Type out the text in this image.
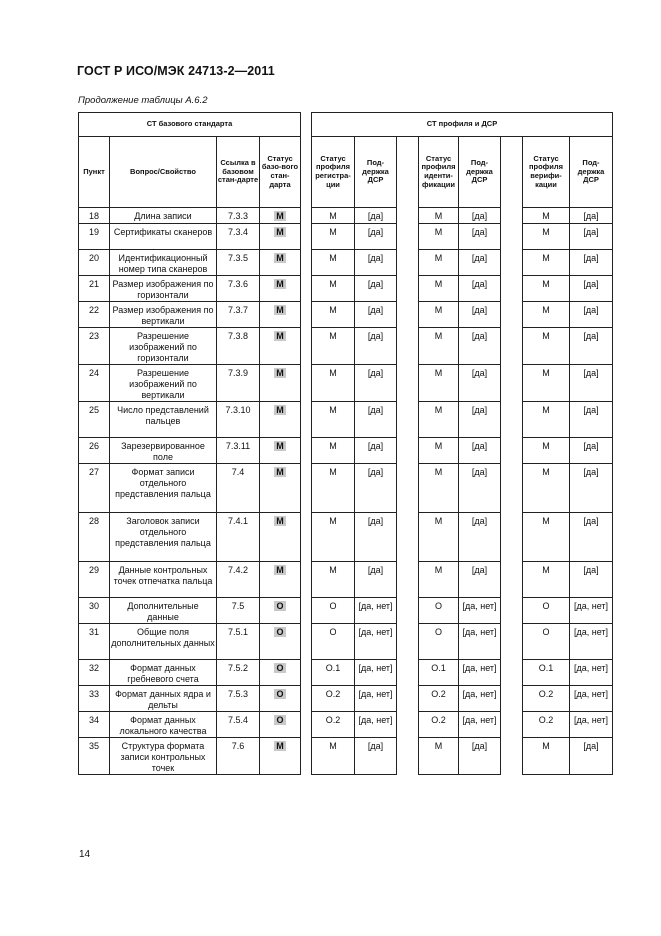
ГОСТ Р ИСО/МЭК 24713-2—2011
Продолжение таблицы А.6.2
СТ базового стандарта					СТ профиля и ДСР							
Пункт	Вопрос/Свойство	Ссылка в базовом стан-дарте	Статус базо-вого стан-дарта		Статус профиля регистра-ции	Под-держка ДСР		Статус профиля иденти-фикации	Под-держка ДСР		Статус профиля верифи-кации	Под-держка ДСР

18	Длина записи	7.3.3	M		M	[да]		M	[да]		M	[да]

19	Сертификаты сканеров	7.3.4	M		M	[да]		M	[да]		M	[да]

20	Идентификационный номер типа сканеров	7.3.5	M		M	[да]		M	[да]		M	[да]

21	Размер изображения по горизонтали	7.3.6	M		M	[да]		M	[да]		M	[да]

22	Размер изображения по вертикали	7.3.7	M		M	[да]		M	[да]		M	[да]

23	Разрешение изображений по горизонтали	7.3.8	M		M	[да]		M	[да]		M	[да]

24	Разрешение изображений по вертикали	7.3.9	M		M	[да]		M	[да]		M	[да]

25	Число представлений пальцев	7.3.10	M		M	[да]		M	[да]		M	[да]

26	Зарезервированное поле	7.3.11	M		M	[да]		M	[да]		M	[да]

27	Формат записи отдельного представления пальца	7.4	M		M	[да]		M	[да]		M	[да]

28	Заголовок записи отдельного представления пальца	7.4.1	M		M	[да]		M	[да]		M	[да]

29	Данные контрольных точек отпечатка пальца	7.4.2	M		M	[да]		M	[да]		M	[да]

30	Дополнительные данные	7.5	O		O	[да, нет]		O	[да, нет]		O	[да, нет]

31	Общие поля дополнительных данных	7.5.1	O		O	[да, нет]		O	[да, нет]		O	[да, нет]

32	Формат данных гребневого счета	7.5.2	O		O.1	[да, нет]		O.1	[да, нет]		O.1	[да, нет]

33	Формат данных ядра и дельты	7.5.3	O		O.2	[да, нет]		O.2	[да, нет]		O.2	[да, нет]

34	Формат данных локального качества	7.5.4	O		O.2	[да, нет]		O.2	[да, нет]		O.2	[да, нет]

35	Структура формата записи контрольных точек	7.6	M		M	[да]		M	[да]		M	[да]
14
